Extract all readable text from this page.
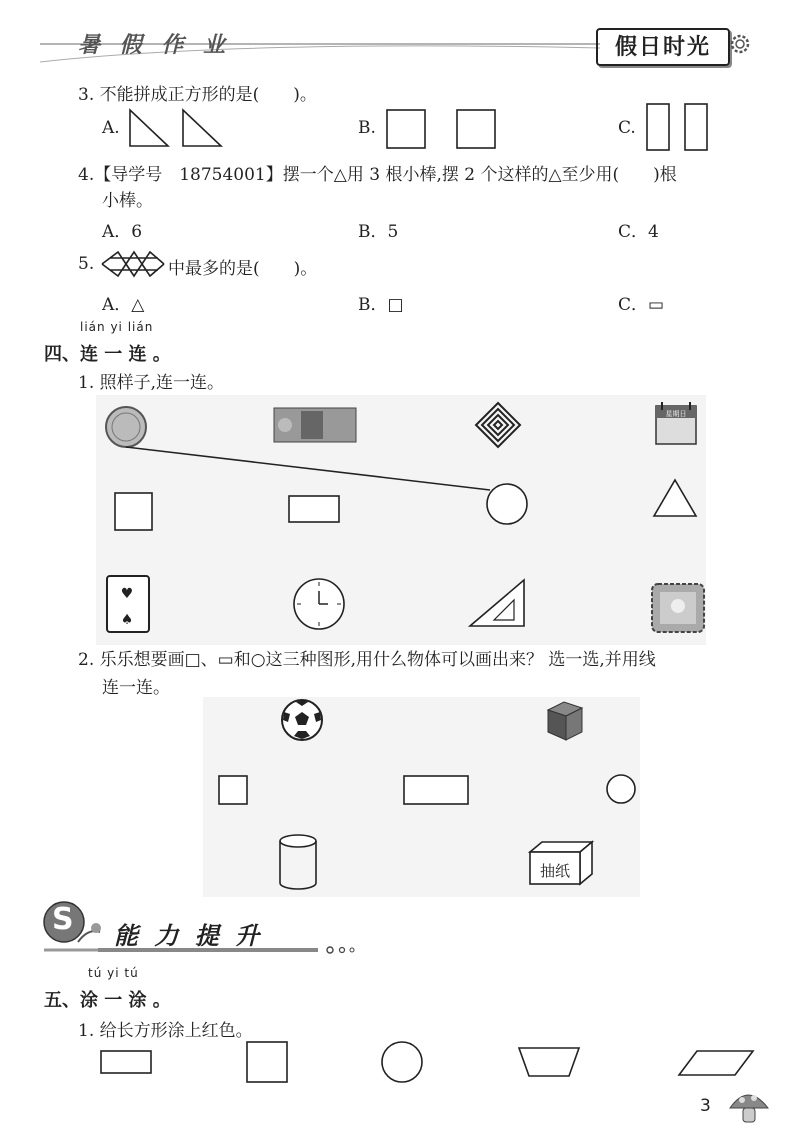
暑 假 作 业	假日时光
3. 不能拼成正方形的是(　　)。
A.	B.	C.
4.【导学号　18754001】摆一个△用 3 根小棒,摆 2 个这样的△至少用(　　)根
小棒。
A．6	B．5	C．4
5.	中最多的是(　　)。
A．△	B．□	C．▭
lián yi lián
四、连 一 连 。
1. 照样子,连一连。
星期日
♥
♠
2. 乐乐想要画□、▭和○这三种图形,用什么物体可以画出来？ 选一选,并用线
连一连。
抽纸
S 能 力 提 升
tú yi tú
五、涂 一 涂 。
1. 给长方形涂上红色。
3
